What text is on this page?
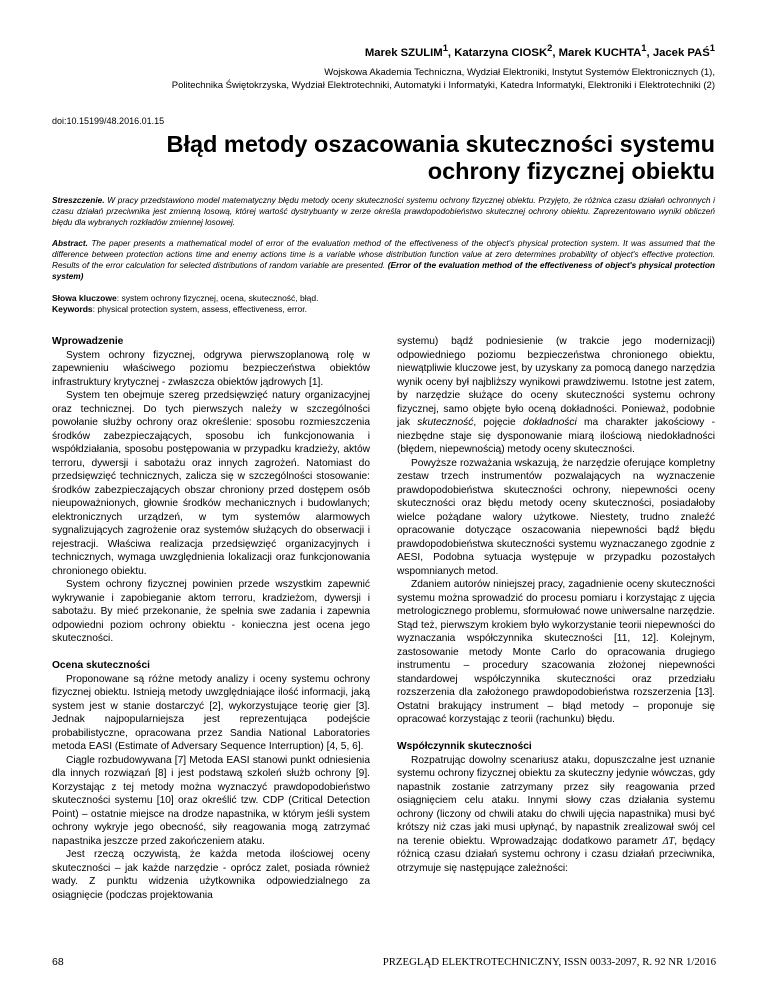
Marek SZULIM$^1$, Katarzyna CIOSK$^2$, Marek KUCHTA$^1$, Jacek PAŚ$^1$
Wojskowa Akademia Techniczna, Wydział Elektroniki, Instytut Systemów Elektronicznych (1),
Politechnika Świętokrzyska, Wydział Elektrotechniki, Automatyki i Informatyki, Katedra Informatyki, Elektroniki i Elektrotechniki (2)
doi:10.15199/48.2016.01.15
Błąd metody oszacowania skuteczności systemu ochrony fizycznej obiektu
Streszczenie. W pracy przedstawiono model matematyczny błędu metody oceny skuteczności systemu ochrony fizycznej obiektu. Przyjęto, że różnica czasu działań ochronnych i czasu działań przeciwnika jest zmienną losową, której wartość dystrybuanty w zerze określa prawdopodobieństwo skutecznej ochrony obiektu. Zaprezentowano wyniki obliczeń błędu dla wybranych rozkładów zmiennej losowej.
Abstract. The paper presents a mathematical model of error of the evaluation method of the effectiveness of the object's physical protection system. It was assumed that the difference between protection actions time and enemy actions time is a variable whose distribution function value at zero determines probability of object's effective protection. Results of the error calculation for selected distributions of random variable are presented. (Error of the evaluation method of the effectiveness of object's physical protection system)
Słowa kluczowe: system ochrony fizycznej, ocena, skuteczność, błąd.
Keywords: physical protection system, assess, effectiveness, error.
Wprowadzenie

System ochrony fizycznej, odgrywa pierwszoplanową rolę w zapewnieniu właściwego poziomu bezpieczeństwa obiektów infrastruktury krytycznej - zwłaszcza obiektów jądrowych [1].

System ten obejmuje szereg przedsięwzięć natury organizacyjnej oraz technicznej. Do tych pierwszych należy w szczególności powołanie służby ochrony oraz określenie: sposobu rozmieszczenia środków zabezpieczających, sposobu ich funkcjonowania i współdziałania, sposobu postępowania w przypadku kradzieży, aktów terroru, dywersji i sabotażu oraz innych zagrożeń. Natomiast do przedsięwzięć technicznych, zalicza się w szczególności stosowanie: środków zabezpieczających obszar chroniony przed dostępem osób nieupoważnionych, głownie środków mechanicznych i budowlanych; elektronicznych urządzeń, w tym systemów alarmowych sygnalizujących zagrożenie oraz systemów służących do obserwacji i rejestracji. Właściwa realizacja przedsięwzięć organizacyjnych i technicznych, wymaga uwzględnienia lokalizacji oraz funkcjonowania chronionego obiektu.

System ochrony fizycznej powinien przede wszystkim zapewnić wykrywanie i zapobieganie aktom terroru, kradzieżom, dywersji i sabotażu. By mieć przekonanie, że spełnia swe zadania i zapewnia odpowiedni poziom ochrony obiektu - konieczna jest ocena jego skuteczności.

Ocena skuteczności

Proponowane są różne metody analizy i oceny systemu ochrony fizycznej obiektu. Istnieją metody uwzględniające ilość informacji, jaką system jest w stanie dostarczyć [2], wykorzystujące teorię gier [3]. Jednak najpopularniejsza jest reprezentująca podejście probabilistyczne, opracowana przez Sandia National Laboratories metoda EASI (Estimate of Adversary Sequence Interruption) [4, 5, 6].

Ciągle rozbudowywana [7] Metoda EASI stanowi punkt odniesienia dla innych rozwiązań [8] i jest podstawą szkoleń służb ochrony [9]. Korzystając z tej metody można wyznaczyć prawdopodobieństwo skuteczności systemu [10] oraz określić tzw. CDP (Critical Detection Point) – ostatnie miejsce na drodze napastnika, w którym jeśli system ochrony wykryje jego obecność, siły reagowania mogą zatrzymać napastnika jeszcze przed zakończeniem ataku.

Jest rzeczą oczywistą, że każda metoda ilościowej oceny skuteczności – jak każde narzędzie - oprócz zalet, posiada również wady. Z punktu widzenia użytkownika odpowiedzialnego za osiągnięcie (podczas projektowania

systemu) bądź podniesienie (w trakcie jego modernizacji) odpowiedniego poziomu bezpieczeństwa chronionego obiektu, niewątpliwie kluczowe jest, by uzyskany za pomocą danego narzędzia wynik oceny był najbliższy wynikowi prawdziwemu. Istotne jest zatem, by narzędzie służące do oceny skuteczności systemu ochrony fizycznej, samo objęte było oceną dokładności. Ponieważ, podobnie jak skuteczność, pojęcie dokładności ma charakter jakościowy - niezbędne staje się dysponowanie miarą ilościową niedokładności (błędem, niepewnością) metody oceny skuteczności.

Powyższe rozważania wskazują, że narzędzie oferujące kompletny zestaw trzech instrumentów pozwalających na wyznaczenie prawdopodobieństwa skuteczności ochrony, niepewności oceny skuteczności oraz błędu metody oceny skuteczności, posiadałoby wielce pożądane walory użytkowe. Niestety, trudno znaleźć opracowanie dotyczące oszacowania niepewności bądź błędu prawdopodobieństwa skuteczności systemu wyznaczanego zgodnie z AESI, Podobna sytuacja występuje w przypadku pozostałych wspomnianych metod.

Zdaniem autorów niniejszej pracy, zagadnienie oceny skuteczności systemu można sprowadzić do procesu pomiaru i korzystając z ujęcia metrologicznego problemu, sformułować nowe uniwersalne narzędzie. Stąd też, pierwszym krokiem było wykorzystanie teorii niepewności do wyznaczania współczynnika skuteczności [11, 12]. Kolejnym, zastosowanie metody Monte Carlo do opracowania drugiego instrumentu – procedury szacowania złożonej niepewności standardowej współczynnika skuteczności oraz przedziału rozszerzenia dla założonego prawdopodobieństwa rozszerzenia [13]. Ostatni brakujący instrument – błąd metody – proponuje się opracować korzystając z teorii (rachunku) błędu.

Współczynnik skuteczności

Rozpatrując dowolny scenariusz ataku, dopuszczalne jest uznanie systemu ochrony fizycznej obiektu za skuteczny jedynie wówczas, gdy napastnik zostanie zatrzymany przez siły reagowania przed osiągnięciem celu ataku. Innymi słowy czas działania systemu ochrony (liczony od chwili ataku do chwili ujęcia napastnika) musi być krótszy niż czas jaki musi upłynąć, by napastnik zrealizował swój cel na terenie obiektu. Wprowadzając dodatkowo parametr ΔT, będący różnicą czasu działań systemu ochrony i czasu działań przeciwnika, otrzymuje się następujące zależności:

68	PRZEGLĄD ELEKTROTECHNICZNY, ISSN 0033-2097, R. 92 NR 1/2016
